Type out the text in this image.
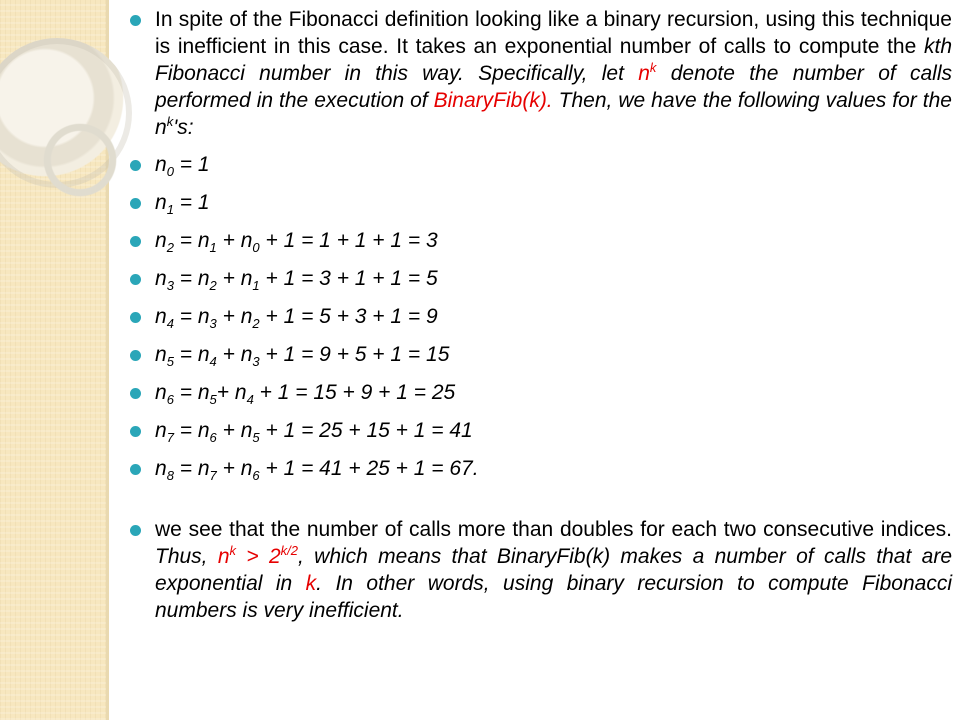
In spite of the Fibonacci definition looking like a binary recursion, using this technique is inefficient in this case. It takes an exponential number of calls to compute the kth Fibonacci number in this way. Specifically, let $n^k$ denote the number of calls performed in the execution of BinaryFib(k). Then, we have the following values for the $n^k's$:
$n_0 = 1$
$n_1 = 1$
$n_2 = n_1 + n_0 + 1 = 1 + 1 + 1 = 3$
$n_3 = n_2 + n_1 + 1 = 3 + 1 + 1 = 5$
$n_4 = n_3 + n_2 + 1 = 5 + 3 + 1 = 9$
$n_5 = n_4 + n_3 + 1 = 9 + 5 + 1 = 15$
$n_6 = n_5+ n_4 + 1 = 15 + 9 + 1 = 25$
$n_7 = n_6 + n_5 + 1 = 25 + 15 + 1 = 41$
$n_8 = n_7 + n_6 + 1 = 41 + 25 + 1 = 67$.
we see that the number of calls more than doubles for each two consecutive indices. Thus, $n^k > 2^{k/2}$, which means that BinaryFib(k) makes a number of calls that are exponential in k. In other words, using binary recursion to compute Fibonacci numbers is very inefficient.
